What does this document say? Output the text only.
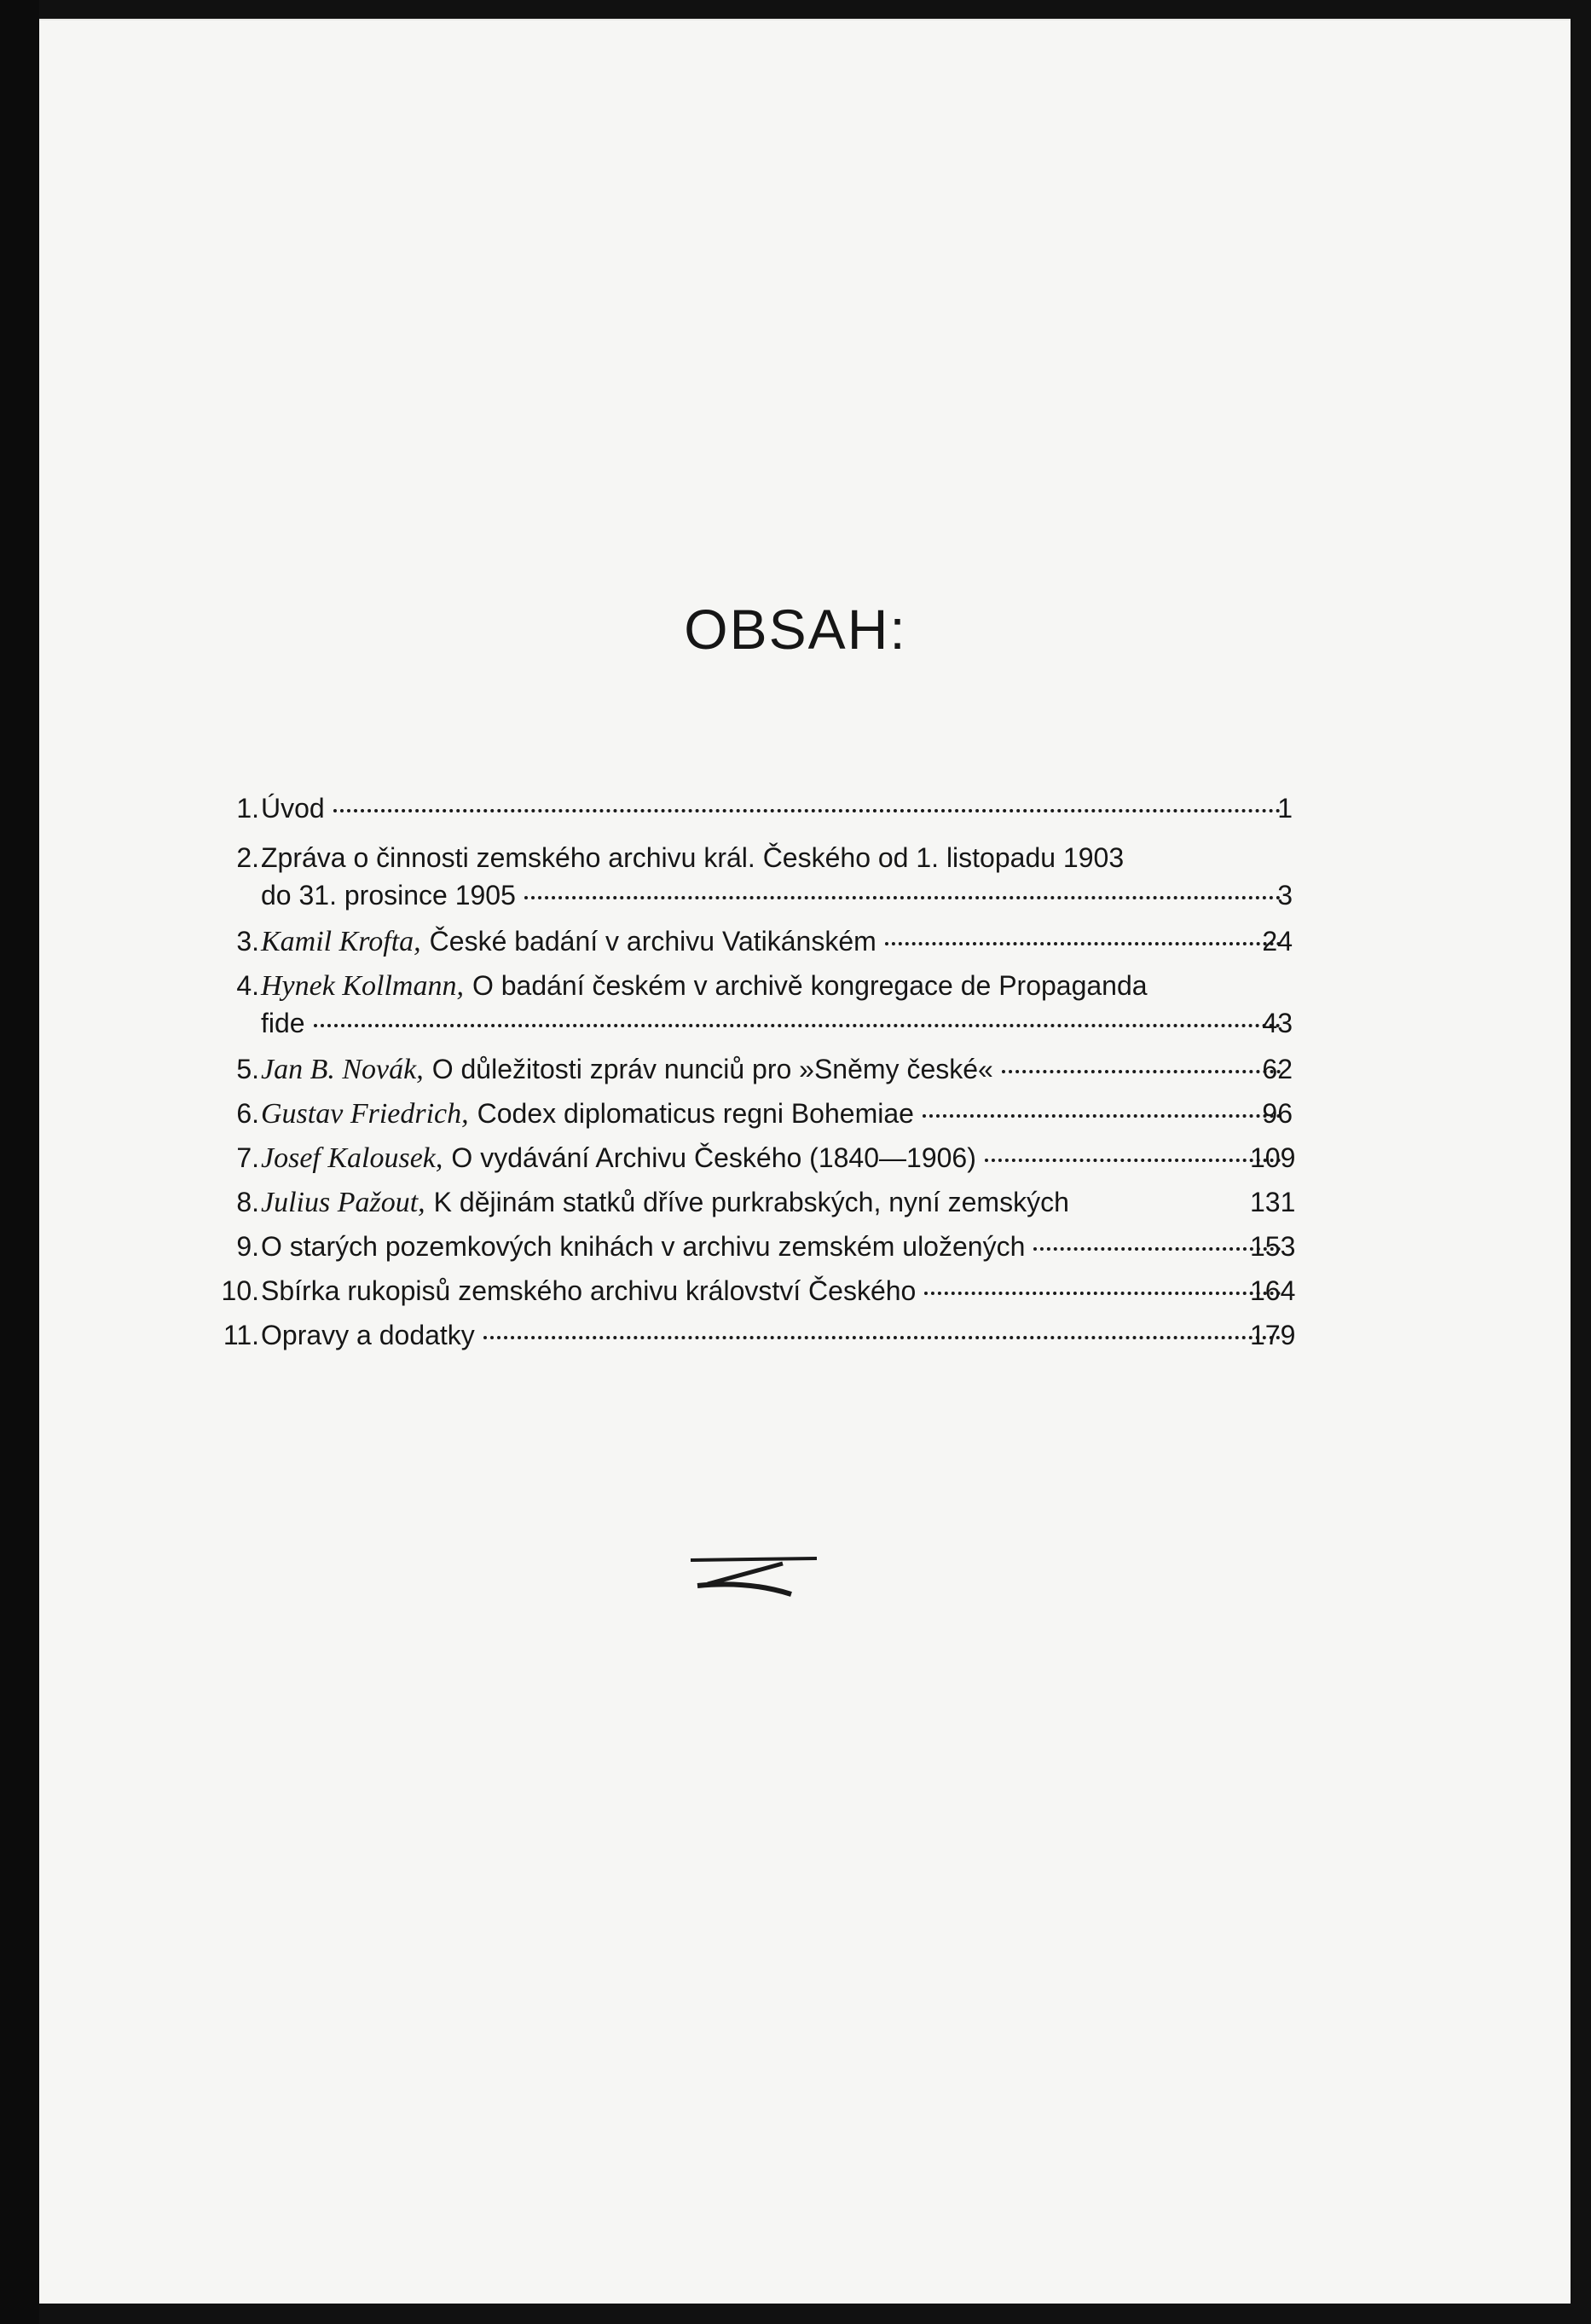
OBSAH:
1. Úvod	1
2. Zpráva o činnosti zemského archivu král. Českého od 1. listopadu 1903
do 31. prosince 1905	3
3. Kamil Krofta, České badání v archivu Vatikánském	24
4. Hynek Kollmann, O badání českém v archivě kongregace de Propaganda
fide	43
5. Jan B. Novák, O důležitosti zpráv nunciů pro »Sněmy české«	62
6. Gustav Friedrich, Codex diplomaticus regni Bohemiae	96
7. Josef Kalousek, O vydávání Archivu Českého (1840—1906)	109
8. Julius Pažout, K dějinám statků dříve purkrabských, nyní zemských	131
9. O starých pozemkových knihách v archivu zemském uložených	153
10. Sbírka rukopisů zemského archivu království Českého	164
11. Opravy a dodatky	179
